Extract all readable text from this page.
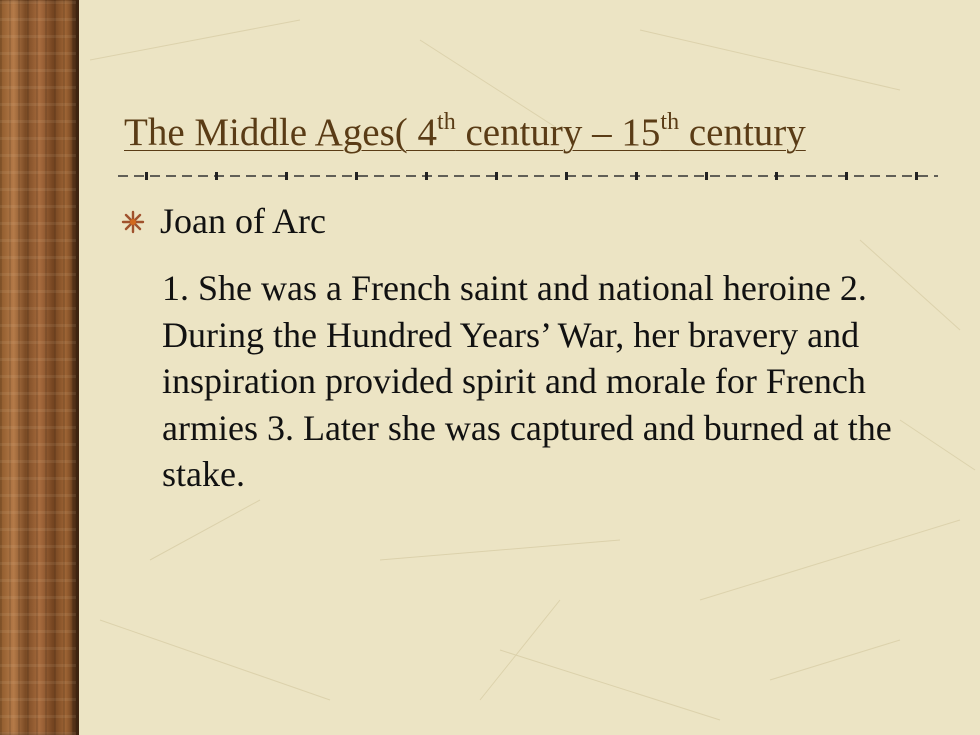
The Middle Ages( 4th century – 15th century
Joan of Arc

1. She was a French saint and national heroine 2. During the Hundred Years’ War, her bravery and inspiration provided spirit and morale for French armies 3. Later she was captured and burned at the stake.
